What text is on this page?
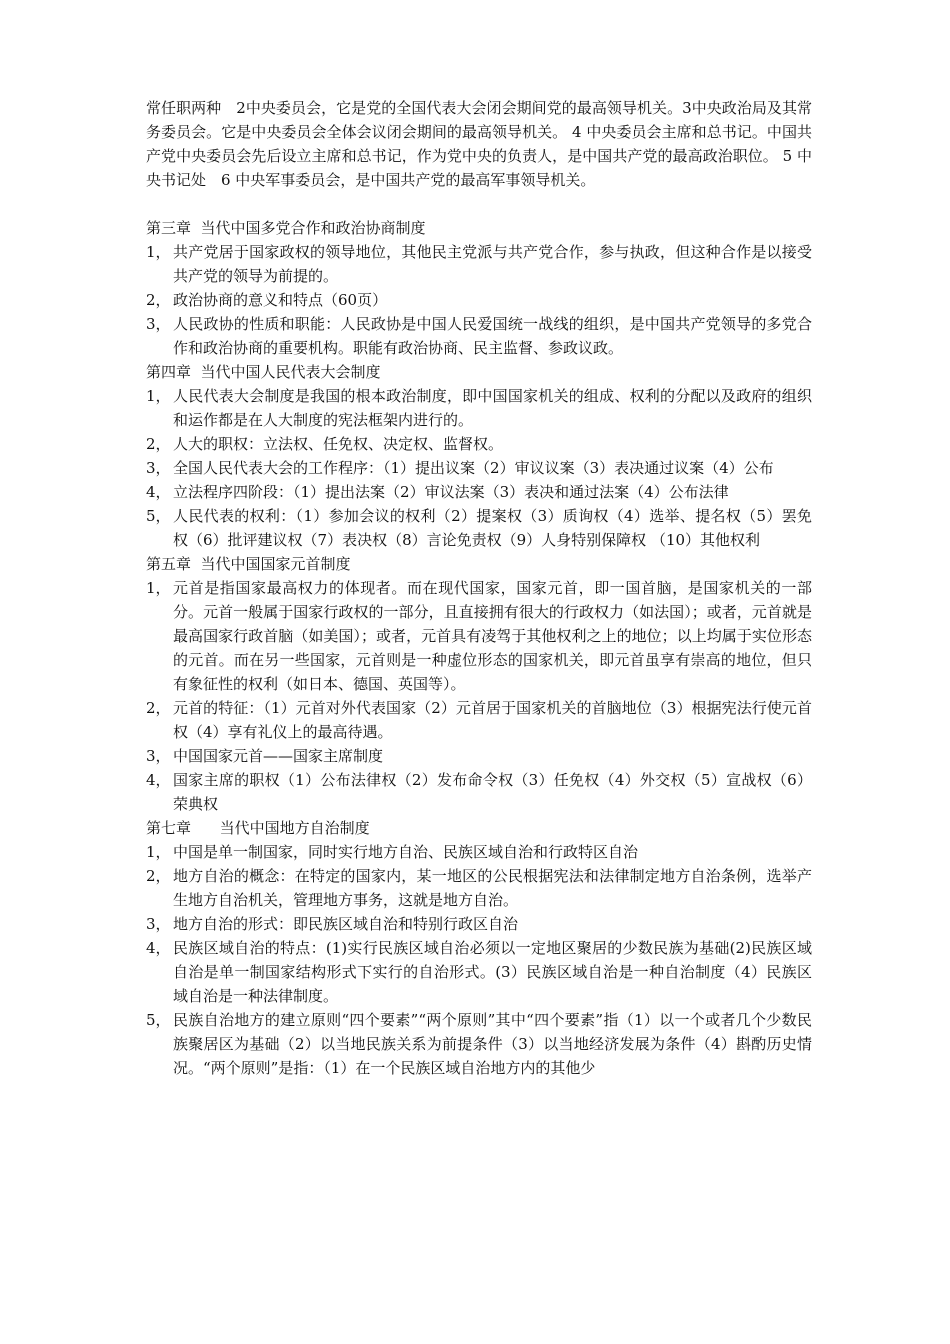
常任职两种　2中央委员会，它是党的全国代表大会闭会期间党的最高领导机关。3中央政治局及其常务委员会。它是中央委员会全体会议闭会期间的最高领导机关。 4 中央委员会主席和总书记。中国共产党中央委员会先后设立主席和总书记，作为党中央的负责人，是中国共产党的最高政治职位。 5 中央书记处　6 中央军事委员会，是中国共产党的最高军事领导机关。

第三章  当代中国多党合作和政治协商制度

1， 共产党居于国家政权的领导地位，其他民主党派与共产党合作，参与执政，但这种合作是以接受共产党的领导为前提的。
2， 政治协商的意义和特点（60页）
3， 人民政协的性质和职能：人民政协是中国人民爱国统一战线的组织，是中国共产党领导的多党合作和政治协商的重要机构。职能有政治协商、民主监督、参政议政。

第四章  当代中国人民代表大会制度

1， 人民代表大会制度是我国的根本政治制度，即中国国家机关的组成、权利的分配以及政府的组织和运作都是在人大制度的宪法框架内进行的。
2， 人大的职权：立法权、任免权、决定权、监督权。
3， 全国人民代表大会的工作程序：（1）提出议案（2）审议议案（3）表决通过议案（4）公布
4， 立法程序四阶段：（1）提出法案（2）审议法案（3）表决和通过法案（4）公布法律
5， 人民代表的权利：（1）参加会议的权利（2）提案权（3）质询权（4）选举、提名权（5）罢免权（6）批评建议权（7）表决权（8）言论免责权（9）人身特别保障权 （10）其他权利

第五章  当代中国国家元首制度

1， 元首是指国家最高权力的体现者。而在现代国家，国家元首，即一国首脑，是国家机关的一部分。元首一般属于国家行政权的一部分，且直接拥有很大的行政权力（如法国）；或者，元首就是最高国家行政首脑（如美国）；或者，元首具有凌驾于其他权利之上的地位；以上均属于实位形态的元首。而在另一些国家，元首则是一种虚位形态的国家机关，即元首虽享有崇高的地位，但只有象征性的权利（如日本、德国、英国等）。
2， 元首的特征：（1）元首对外代表国家（2）元首居于国家机关的首脑地位（3）根据宪法行使元首权（4）享有礼仪上的最高待遇。
3， 中国国家元首——国家主席制度
4， 国家主席的职权（1）公布法律权（2）发布命令权（3）任免权（4）外交权（5）宣战权（6）荣典权

第七章      当代中国地方自治制度

1， 中国是单一制国家，同时实行地方自治、民族区域自治和行政特区自治
2， 地方自治的概念：在特定的国家内，某一地区的公民根据宪法和法律制定地方自治条例，选举产生地方自治机关，管理地方事务，这就是地方自治。
3， 地方自治的形式：即民族区域自治和特别行政区自治
4， 民族区域自治的特点：(1)实行民族区域自治必须以一定地区聚居的少数民族为基础(2)民族区域自治是单一制国家结构形式下实行的自治形式。(3）民族区域自治是一种自治制度（4）民族区域自治是一种法律制度。
5， 民族自治地方的建立原则“四个要素”“两个原则”其中“四个要素”指（1）以一个或者几个少数民族聚居区为基础（2）以当地民族关系为前提条件（3）以当地经济发展为条件（4）斟酌历史情况。“两个原则”是指：（1）在一个民族区域自治地方内的其他少
